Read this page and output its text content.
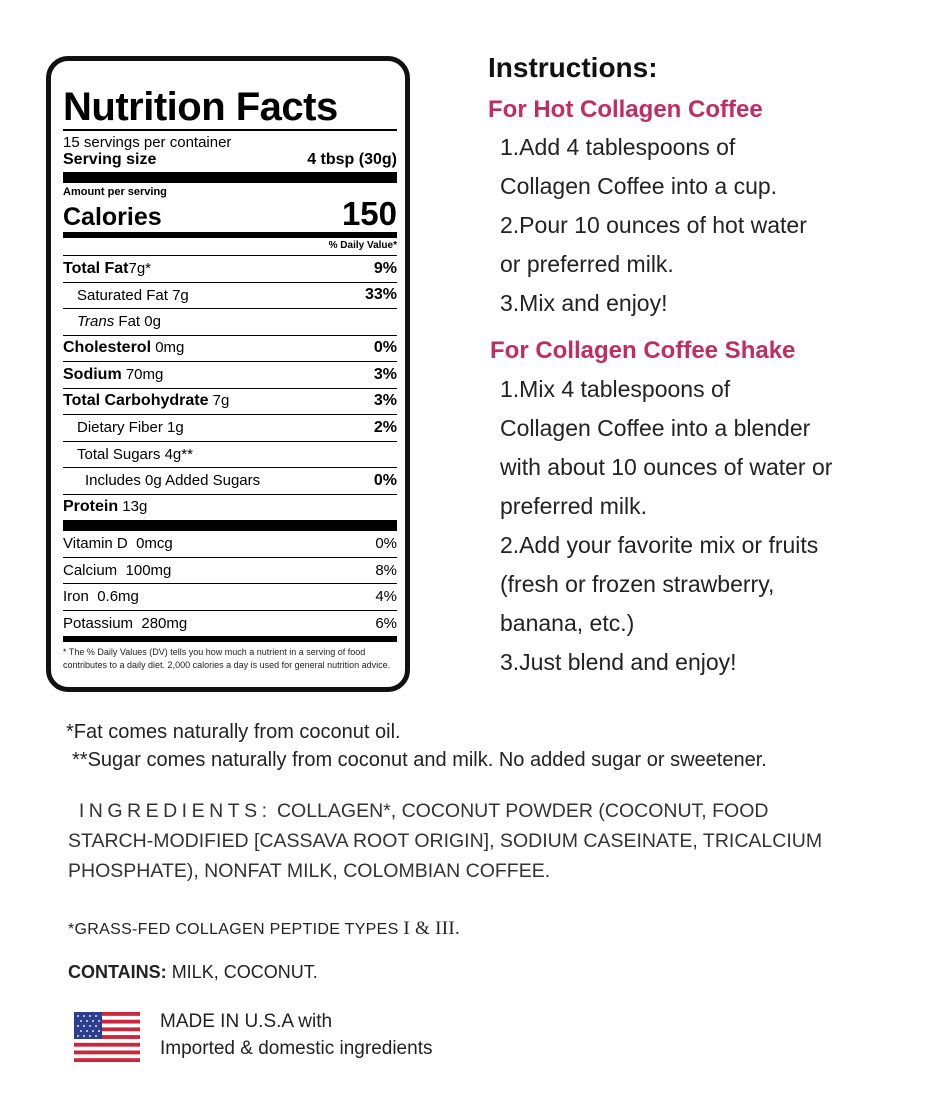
Nutrition Facts
15 servings per container
Serving size	4 tbsp (30g)
Amount per serving
Calories	150
% Daily Value*
Total Fat7g*	9%
Saturated Fat 7g	33%
Trans Fat 0g
Cholesterol 0mg	0%
Sodium 70mg	3%
Total Carbohydrate 7g	3%
Dietary Fiber 1g	2%
Total Sugars 4g**
Includes 0g Added Sugars	0%
Protein 13g
Vitamin D 0mcg	0%
Calcium 100mg	8%
Iron 0.6mg	4%
Potassium 280mg	6%
* The % Daily Values (DV) tells you how much a nutrient in a serving of food contributes to a daily diet. 2,000 calories a day is used for general nutrition advice.
Instructions:
For Hot Collagen Coffee
1.Add 4 tablespoons of
Collagen Coffee into a cup.
2.Pour 10 ounces of hot water
or preferred milk.
3.Mix and enjoy!
For Collagen Coffee Shake
1.Mix 4 tablespoons of
Collagen Coffee into a blender
with about 10 ounces of water or
preferred milk.
2.Add your favorite mix or fruits
(fresh or frozen strawberry,
banana, etc.)
3.Just blend and enjoy!
*Fat comes naturally from coconut oil.
**Sugar comes naturally from coconut and milk. No added sugar or sweetener.
INGREDIENTS: COLLAGEN*, COCONUT POWDER (COCONUT, FOOD
STARCH-MODIFIED [CASSAVA ROOT ORIGIN], SODIUM CASEINATE, TRICALCIUM
PHOSPHATE), NONFAT MILK, COLOMBIAN COFFEE.
*GRASS-FED COLLAGEN PEPTIDE TYPES I & III.
CONTAINS: MILK, COCONUT.
MADE IN U.S.A with
Imported & domestic ingredients
